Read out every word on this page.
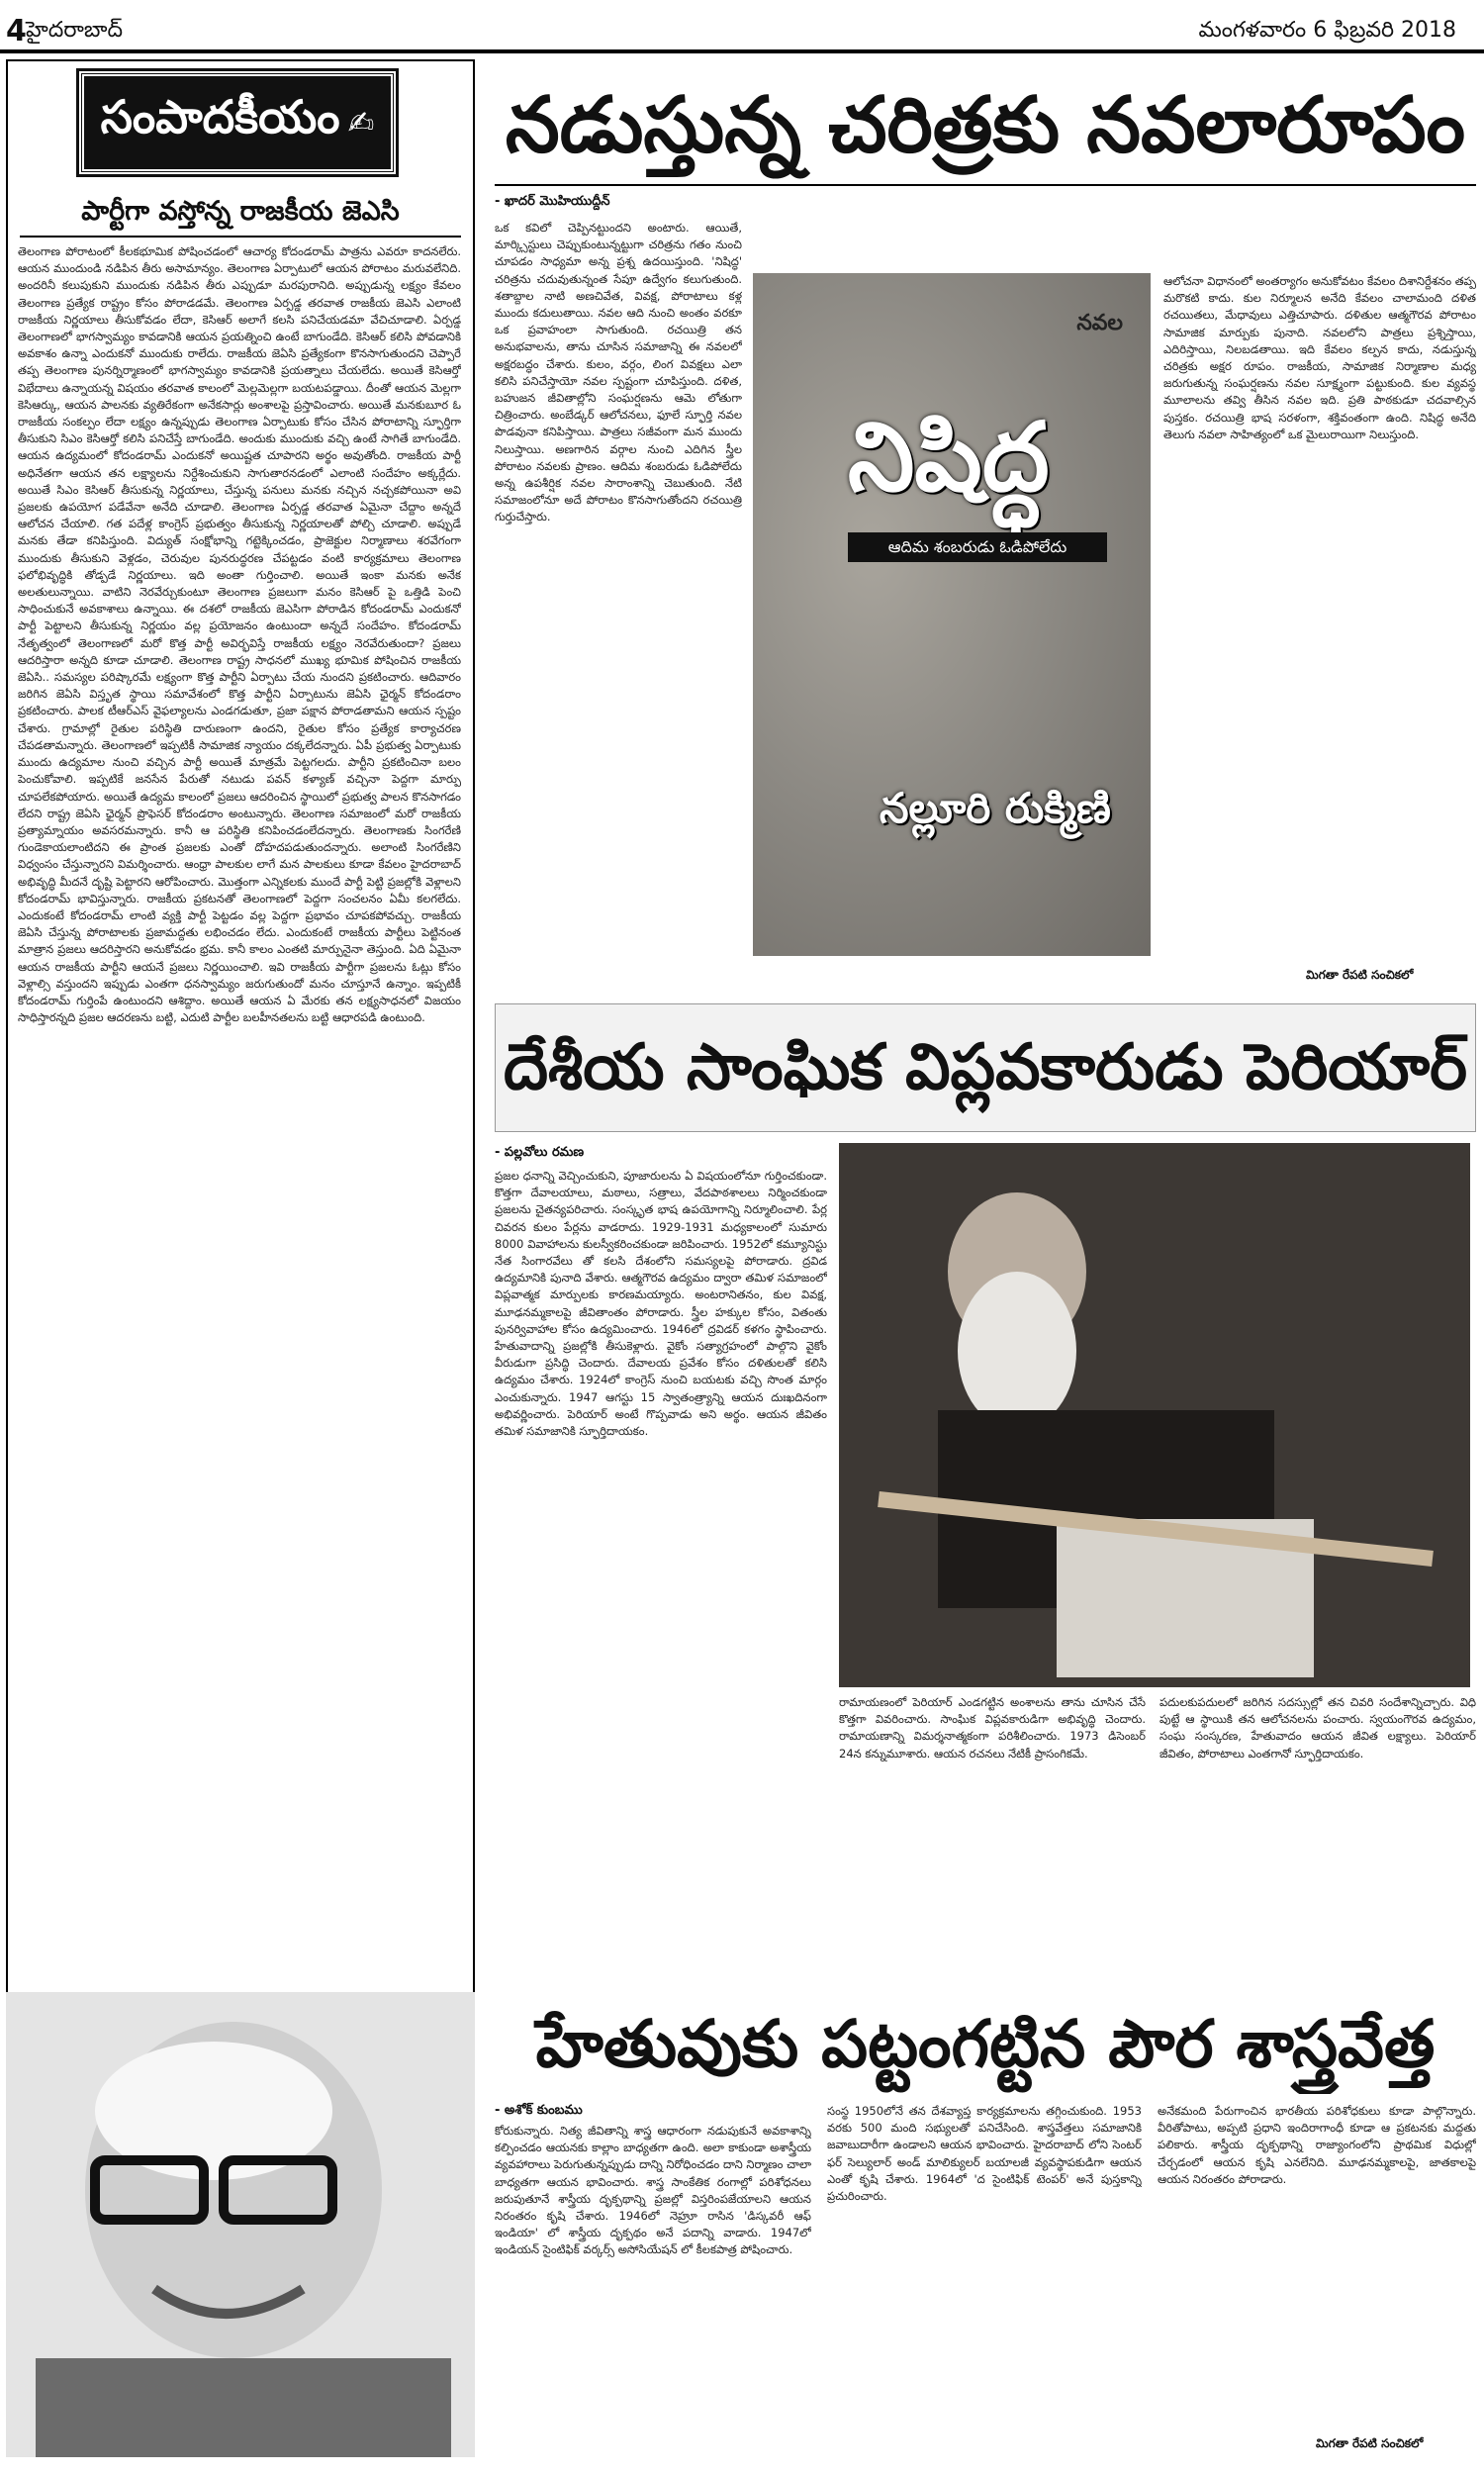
4 హైదరాబాద్	మంగళవారం 6 ఫిబ్రవరి 2018
సంపాదకీయం ✍
పార్టీగా వస్తోన్న రాజకీయ జెఎసి
తెలంగాణ పోరాటంలో కీలకభూమిక పోషించడంలో ఆచార్య కోదండరామ్ పాత్రను ఎవరూ కాదనలేరు. ఆయన ముందుండి నడిపిన తీరు అసామాన్యం. తెలంగాణ ఏర్పాటులో ఆయన పోరాటం మరువలేనిది. అందరినీ కలుపుకుని ముందుకు నడిపిన తీరు ఎప్పుడూ మరపురానిది. అప్పుడున్న లక్ష్యం కేవలం తెలంగాణ ప్రత్యేక రాష్ట్రం కోసం పోరాడడమే. తెలంగాణ ఏర్పడ్డ తరవాత రాజకీయ జెఎసి ఎలాంటి రాజకీయ నిర్ణయాలు తీసుకోవడం లేదా, కెసిఆర్ అలాగే కలసి పనిచేయడమా వేచిచూడాలి. ఏర్పడ్డ తెలంగాణలో భాగస్వామ్యం కావడానికి ఆయన ప్రయత్నించి ఉంటే బాగుండేది. కెసిఆర్ కలిసి పోవడానికి అవకాశం ఉన్నా ఎందుకనో ముందుకు రాలేదు. రాజకీయ జెఏసి ప్రత్యేకంగా కొనసాగుతుందని చెప్పారే తప్ప తెలంగాణ పునర్నిర్మాణంలో భాగస్వామ్యం కావడానికి ప్రయత్నాలు చేయలేదు. అయితే కెసిఆర్తో విభేదాలు ఉన్నాయన్న విషయం తరవాత కాలంలో మెల్లమెల్లగా బయటపడ్డాయి. దీంతో ఆయన మెల్లగా కెసిఆర్కు, ఆయన పాలనకు వ్యతిరేకంగా అనేకసార్లు అంశాలపై ప్రస్తావించారు. అయితే మనకుబూర ఓ రాజకీయ సంకల్పం లేదా లక్ష్యం ఉన్నప్పుడు తెలంగాణ ఏర్పాటుకు కోసం చేసిన పోరాటాన్ని స్ఫూర్తిగా తీసుకుని సిఎం కెసిఆర్తో కలిసి పనిచేస్తే బాగుండేది. అందుకు ముందుకు వచ్చి ఉంటే సాగితే బాగుండేది. ఆయన ఉద్యమంలో కోదండరామ్ ఎందుకనో అయిష్టత చూపారని అర్థం అవుతోంది. రాజకీయ పార్టీ అధినేతగా ఆయన తన లక్ష్యాలను నిర్దేశించుకుని సాగుతారనడంలో ఎలాంటి సందేహం అక్కర్లేదు. అయితే సిఎం కెసిఆర్ తీసుకున్న నిర్ణయాలు, చేస్తున్న పనులు మనకు నచ్చిన నచ్చకపోయినా అవి ప్రజలకు ఉపయోగ పడేవేనా అనేది చూడాలి. తెలంగాణ ఏర్పడ్డ తరవాత ఏమైనా చేద్దాం అన్నదే ఆలోచన చేయాలి. గత పదేళ్ల కాంగ్రెస్ ప్రభుత్వం తీసుకున్న నిర్ణయాలతో పోల్చి చూడాలి. అప్పుడే మనకు తేడా కనిపిస్తుంది. విద్యుత్ సంక్షోభాన్ని గట్టెక్కించడం, ప్రాజెక్టుల నిర్మాణాలు శరవేగంగా ముందుకు తీసుకుని వెళ్లడం, చెరువుల పునరుద్ధరణ చేపట్టడం వంటి కార్యక్రమాలు తెలంగాణ ఫలోభివృద్ధికి తోడ్పడే నిర్ణయాలు. ఇది అంతా గుర్తించాలి. అయితే ఇంకా మనకు అనేక అలతులున్నాయి. వాటిని నెరవేర్చుకుంటూ తెలంగాణ ప్రజలుగా మనం కెసిఆర్ పై ఒత్తిడి పెంచి సాధించుకునే అవకాశాలు ఉన్నాయి. ఈ దశలో రాజకీయ జెఎసిగా పోరాడిన కోదండరామ్ ఎందుకనో పార్టీ పెట్టాలని తీసుకున్న నిర్ణయం వల్ల ప్రయోజనం ఉంటుందా అన్నదే సందేహం. కోదండరామ్ నేతృత్వంలో తెలంగాణలో మరో కొత్త పార్టీ అవిర్భవిస్తే రాజకీయ లక్ష్యం నెరవేరుతుందా? ప్రజలు ఆదరిస్తారా అన్నది కూడా చూడాలి. తెలంగాణ రాష్ట్ర సాధనలో ముఖ్య భూమిక పోషించిన రాజకీయ జెఏసి.. సమస్యల పరిష్కారమే లక్ష్యంగా కొత్త పార్టీని ఏర్పాటు చేయ నుందని ప్రకటించారు. ఆదివారం జరిగిన జెఏసి విస్తృత స్థాయి సమావేశంలో కొత్త పార్టీని ఏర్పాటును జెఏసి ఛైర్మన్ కోదండరాం ప్రకటించారు. పాలక టీఆర్ఎస్ వైఫల్యాలను ఎండగడుతూ, ప్రజా పక్షాన పోరాడతామని ఆయన స్పష్టం చేశారు. గ్రామాల్లో రైతుల పరిస్థితి దారుణంగా ఉందని, రైతుల కోసం ప్రత్యేక కార్యాచరణ చేపడతామన్నారు. తెలంగాణలో ఇప్పటికీ సామాజిక న్యాయం దక్కలేదన్నారు. ఏపీ ప్రభుత్వ ఏర్పాటుకు ముందు ఉద్యమాల నుంచి వచ్చిన పార్టీ అయితే మాత్రమే పెట్టగలదు. పార్టీని ప్రకటించినా బలం పెంచుకోవాలి. ఇప్పటికే జనసేన పేరుతో నటుడు పవన్ కళ్యాణ్ వచ్చినా పెద్దగా మార్పు చూపలేకపోయారు. అయితే ఉద్యమ కాలంలో ప్రజలు ఆదరించిన స్థాయిలో ప్రభుత్వ పాలన కొనసాగడం లేదని రాష్ట్ర జెఏసి ఛైర్మన్ ప్రొఫెసర్ కోదండరాం అంటున్నారు. తెలంగాణ సమాజంలో మరో రాజకీయ ప్రత్యామ్నాయం అవసరమన్నారు. కానీ ఆ పరిస్థితి కనిపించడంలేదన్నారు. తెలంగాణకు సింగరేణి గుండెకాయలాంటిదని ఈ ప్రాంత ప్రజలకు ఎంతో దోహదపడుతుందన్నారు. అలాంటి సింగరేణిని విధ్వంసం చేస్తున్నారని విమర్శించారు. ఆంధ్రా పాలకుల లాగే మన పాలకులు కూడా కేవలం హైదరాబాద్ అభివృద్ధి మీదనే దృష్టి పెట్టారని ఆరోపించారు. మొత్తంగా ఎన్నికలకు ముందే పార్టీ పెట్టి ప్రజల్లోకి వెళ్లాలని కోదండరామ్ భావిస్తున్నారు. రాజకీయ ప్రకటనతో తెలంగాణలో పెద్దగా సంచలనం ఏమీ కలగలేదు. ఎందుకంటే కోదండరామ్ లాంటి వ్యక్తి పార్టీ పెట్టడం వల్ల పెద్దగా ప్రభావం చూపకపోవచ్చు. రాజకీయ జెఏసి చేస్తున్న పోరాటాలకు ప్రజామద్దతు లభించడం లేదు. ఎందుకంటే రాజకీయ పార్టీలు పెట్టినంత మాత్రాన ప్రజలు ఆదరిస్తారని అనుకోవడం భ్రమ. కానీ కాలం ఎంతటి మార్పునైనా తెస్తుంది. ఏది ఏమైనా ఆయన రాజకీయ పార్టీని ఆయనే ప్రజలు నిర్ణయించాలి. ఇవి రాజకీయ పార్టీగా ప్రజలను ఓట్లు కోసం వెళ్లాల్సి వస్తుందని ఇప్పుడు ఎంతగా ధనస్వామ్యం జరుగుతుందో మనం చూస్తూనే ఉన్నాం. ఇప్పటికీ కోదండరామ్ గుర్తింపే ఉంటుందని ఆశిద్దాం. అయితే ఆయన ఏ మేరకు తన లక్ష్యసాధనలో విజయం సాధిస్తారన్నది ప్రజల ఆదరణను బట్టి, ఎదుటి పార్టీల బలహీనతలను బట్టి ఆధారపడి ఉంటుంది.
నడుస్తున్న చరిత్రకు నవలారూపం
- ఖాదర్ మొహియుద్దీన్
ఒక కవిలో చెప్పినట్టుందని అంటారు. ఆయితే, మార్క్సిస్టులు చెప్పుకుంటున్నట్టుగా చరిత్రను గతం నుంచి చూపడం సాధ్యమా అన్న ప్రశ్న ఉదయిస్తుంది. 'నిషిద్ధ' చరిత్రను చదువుతున్నంత సేపూ ఉద్వేగం కలుగుతుంది. శతాబ్దాల నాటి అణచివేత, వివక్ష, పోరాటాలు కళ్ల ముందు కదులుతాయి. నవల ఆది నుంచి అంతం వరకూ ఒక ప్రవాహంలా సాగుతుంది. రచయిత్రి తన అనుభవాలను, తాను చూసిన సమాజాన్ని ఈ నవలలో అక్షరబద్ధం చేశారు. కులం, వర్గం, లింగ వివక్షలు ఎలా కలిసి పనిచేస్తాయో నవల స్పష్టంగా చూపిస్తుంది. దళిత, బహుజన జీవితాల్లోని సంఘర్షణను ఆమె లోతుగా చిత్రించారు. అంబేడ్కర్ ఆలోచనలు, ఫూలే స్ఫూర్తి నవల పొడవునా కనిపిస్తాయి. పాత్రలు సజీవంగా మన ముందు నిలుస్తాయి. అణగారిన వర్గాల నుంచి ఎదిగిన స్త్రీల పోరాటం నవలకు ప్రాణం. ఆదిమ శంబరుడు ఓడిపోలేదు అన్న ఉపశీర్షిక నవల సారాంశాన్ని చెబుతుంది. నేటి సమాజంలోనూ అదే పోరాటం కొనసాగుతోందని రచయిత్రి గుర్తుచేస్తారు.
నవల
నిషిద్ధ
ఆదిమ శంబరుడు ఓడిపోలేదు
నల్లూరి రుక్మిణి
ఆలోచనా విధానంలో అంతర్యాగం అనుకోవటం కేవలం దిశానిర్దేశనం తప్ప మరొకటి కాదు. కుల నిర్మూలన అనేది కేవలం చాలామంది దళిత రచయితలు, మేధావులు ఎత్తిచూపారు. దళితుల ఆత్మగౌరవ పోరాటం సామాజిక మార్పుకు పునాది. నవలలోని పాత్రలు ప్రశ్నిస్తాయి, ఎదిరిస్తాయి, నిలబడతాయి. ఇది కేవలం కల్పన కాదు, నడుస్తున్న చరిత్రకు అక్షర రూపం. రాజకీయ, సామాజిక నిర్మాణాల మధ్య జరుగుతున్న సంఘర్షణను నవల సూక్ష్మంగా పట్టుకుంది. కుల వ్యవస్థ మూలాలను తవ్వి తీసిన నవల ఇది. ప్రతి పాఠకుడూ చదవాల్సిన పుస్తకం. రచయిత్రి భాష సరళంగా, శక్తివంతంగా ఉంది. నిషిద్ధ అనేది తెలుగు నవలా సాహిత్యంలో ఒక మైలురాయిగా నిలుస్తుంది.
మిగతా రేపటి సంచికలో
దేశీయ సాంఘిక విప్లవకారుడు పెరియార్
- పల్లవోలు రమణ
ప్రజల ధనాన్ని వెచ్చించుకుని, పూజారులను ఏ విషయంలోనూ గుర్తించకుండా. కొత్తగా దేవాలయాలు, మఠాలు, సత్రాలు, వేదపాఠశాలలు నిర్మించకుండా ప్రజలను చైతన్యపరిచారు. సంస్కృత భాష ఉపయోగాన్ని నిర్మూలించాలి. పేర్ల చివరన కులం పేర్లను వాడరాదు. 1929-1931 మధ్యకాలంలో సుమారు 8000 వివాహాలను కులస్వీకరించకుండా జరిపించారు. 1952లో కమ్యూనిస్టు నేత సింగారవేలు తో కలసి దేశంలోని సమస్యలపై పోరాడారు. ద్రవిడ ఉద్యమానికి పునాది వేశారు. ఆత్మగౌరవ ఉద్యమం ద్వారా తమిళ సమాజంలో విప్లవాత్మక మార్పులకు కారణమయ్యారు. అంటరానితనం, కుల వివక్ష, మూఢనమ్మకాలపై జీవితాంతం పోరాడారు. స్త్రీల హక్కుల కోసం, వితంతు పునర్వివాహాల కోసం ఉద్యమించారు. 1946లో ద్రవిడర్ కళగం స్థాపించారు. హేతువాదాన్ని ప్రజల్లోకి తీసుకెళ్లారు. వైకోం సత్యాగ్రహంలో పాల్గొని వైకోం వీరుడుగా ప్రసిద్ధి చెందారు. దేవాలయ ప్రవేశం కోసం దళితులతో కలిసి ఉద్యమం చేశారు. 1924లో కాంగ్రెస్ నుంచి బయటకు వచ్చి సొంత మార్గం ఎంచుకున్నారు. 1947 ఆగస్టు 15 స్వాతంత్ర్యాన్ని ఆయన దుఃఖదినంగా అభివర్ణించారు. పెరియార్ అంటే గొప్పవాడు అని అర్థం. ఆయన జీవితం తమిళ సమాజానికి స్ఫూర్తిదాయకం.
రామాయణంలో పెరియార్ ఎండగట్టిన అంశాలను తాను చూసిన చేసే కొత్తగా వివరించారు. సాంఘిక విప్లవకారుడిగా అభివృద్ధి చెందారు. రామాయణాన్ని విమర్శనాత్మకంగా పరిశీలించారు. 1973 డిసెంబర్ 24న కన్నుమూశారు. ఆయన రచనలు నేటికీ ప్రాసంగికమే.
పదులకుపదులలో జరిగిన సదస్సుల్లో తన చివరి సందేశాన్నిచ్చారు. విధి పుట్టే ఆ స్థాయికి తన ఆలోచనలను పంచారు. స్వయంగౌరవ ఉద్యమం, సంఘ సంస్కరణ, హేతువాదం ఆయన జీవిత లక్ష్యాలు. పెరియార్ జీవితం, పోరాటాలు ఎంతగానో స్ఫూర్తిదాయకం.
హేతువుకు పట్టంగట్టిన పౌర శాస్త్రవేత్త
- అశోక్ కుంబము
కోరుకున్నారు. నిత్య జీవితాన్ని శాస్త్ర ఆధారంగా నడుపుకునే అవకాశాన్ని కల్పించడం ఆయనకు కాల్లాం బాధ్యతగా ఉంది. అలా కాకుండా అశాస్త్రీయ వ్యవహారాలు పెరుగుతున్నప్పుడు దాన్ని నిరోధించడం దాని నిర్మాణం చాలా బాధ్యతగా ఆయన భావించారు. శాస్త్ర సాంకేతిక రంగాల్లో పరిశోధనలు జరుపుతూనే శాస్త్రీయ దృక్పథాన్ని ప్రజల్లో విస్తరింపజేయాలని ఆయన నిరంతరం కృషి చేశారు. 1946లో నెహ్రూ రాసిన 'డిస్కవరీ ఆఫ్ ఇండియా' లో శాస్త్రీయ దృక్పథం అనే పదాన్ని వాడారు. 1947లో ఇండియన్ సైంటిఫిక్ వర్కర్స్ అసోసియేషన్ లో కీలకపాత్ర పోషించారు.
సంస్థ 1950లోనే తన దేశవ్యాప్త కార్యక్రమాలను తగ్గించుకుంది. 1953 వరకు 500 మంది సభ్యులతో పనిచేసింది. శాస్త్రవేత్తలు సమాజానికి జవాబుదారీగా ఉండాలని ఆయన భావించారు. హైదరాబాద్ లోని సెంటర్ ఫర్ సెల్యులార్ అండ్ మాలిక్యులర్ బయాలజీ వ్యవస్థాపకుడిగా ఆయన ఎంతో కృషి చేశారు. 1964లో 'ద సైంటిఫిక్ టెంపర్' అనే పుస్తకాన్ని ప్రచురించారు.
అనేకమంది పేరుగాంచిన భారతీయ పరిశోధకులు కూడా పాల్గొన్నారు. వీరితోపాటు, అప్పటి ప్రధాని ఇందిరాగాంధీ కూడా ఆ ప్రకటనకు మద్దతు పలికారు. శాస్త్రీయ దృక్పథాన్ని రాజ్యాంగంలోని ప్రాథమిక విధుల్లో చేర్చడంలో ఆయన కృషి ఎనలేనిది. మూఢనమ్మకాలపై, జాతకాలపై ఆయన నిరంతరం పోరాడారు.
మిగతా రేపటి సంచికలో
